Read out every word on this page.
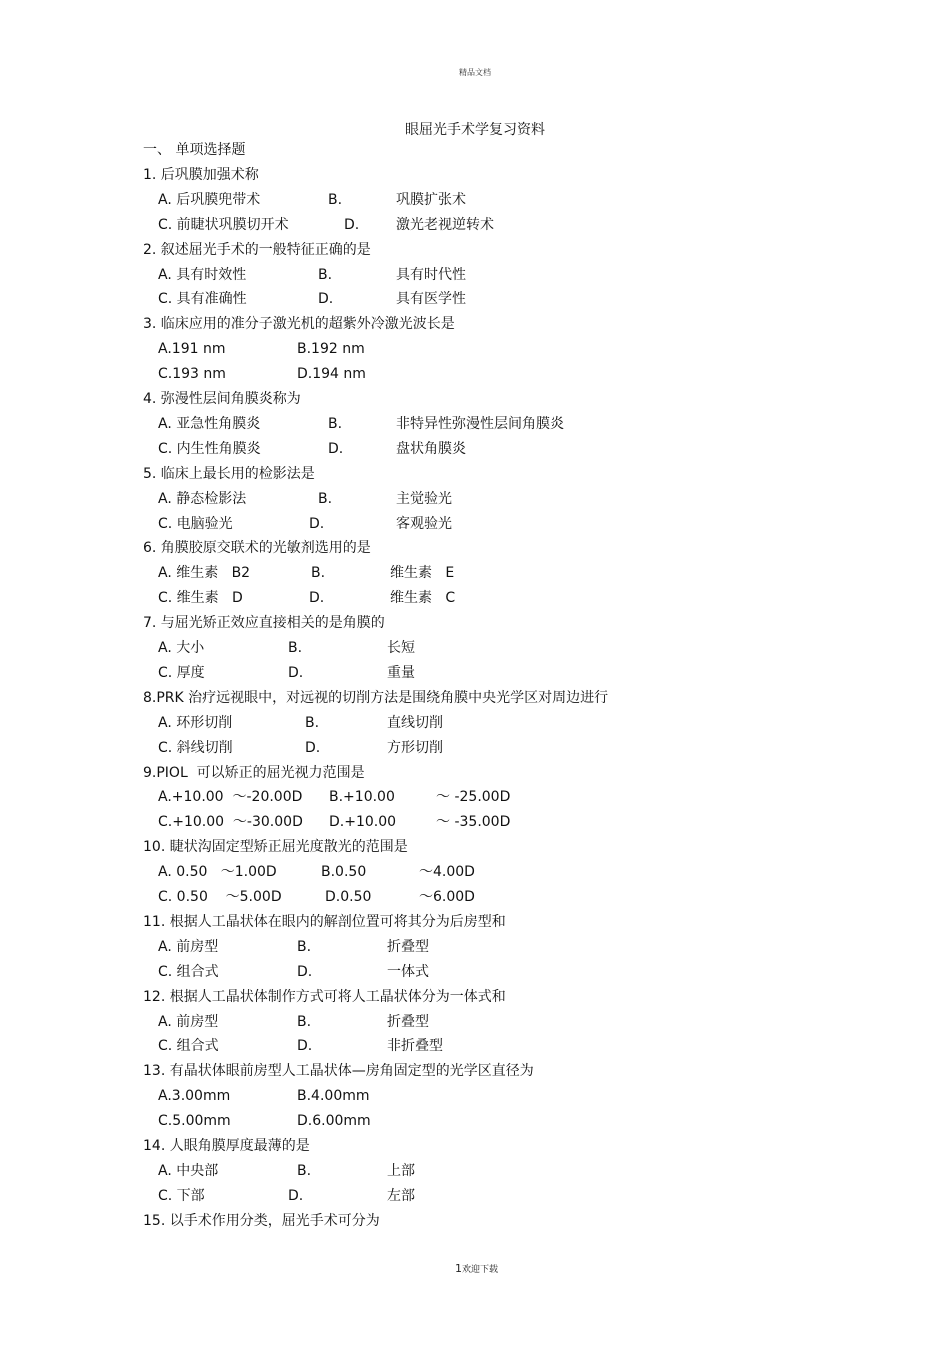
精品文档
眼屈光手术学复习资料
一、 单项选择题
1. 后巩膜加强术称
A. 后巩膜兜带术	B.	巩膜扩张术
C. 前睫状巩膜切开术	D.	激光老视逆转术
2. 叙述屈光手术的一般特征正确的是
A. 具有时效性	B.	具有时代性
C. 具有准确性	D.	具有医学性
3. 临床应用的准分子激光机的超紫外冷激光波长是
A.191 nm	B.192 nm
C.193 nm	D.194 nm
4. 弥漫性层间角膜炎称为
A. 亚急性角膜炎	B.	非特异性弥漫性层间角膜炎
C. 内生性角膜炎	D.	盘状角膜炎
5. 临床上最长用的检影法是
A. 静态检影法	B.	主觉验光
C. 电脑验光	D.	客观验光
6. 角膜胶原交联术的光敏剂选用的是
A. 维生素   B2	B.	维生素   E
C. 维生素   D	D.	维生素   C
7. 与屈光矫正效应直接相关的是角膜的
A. 大小	B.	长短
C. 厚度	D.	重量
8.PRK 治疗远视眼中，对远视的切削方法是围绕角膜中央光学区对周边进行
A. 环形切削	B.	直线切削
C. 斜线切削	D.	方形切削
9.PIOL  可以矫正的屈光视力范围是
A.+10.00  ～-20.00D B.+10.00	～ -25.00D
C.+10.00  ～-30.00D D.+10.00	～ -35.00D
10. 睫状沟固定型矫正屈光度散光的范围是
A. 0.50   ～1.00D	B.0.50	～4.00D
C. 0.50    ～5.00D	D.0.50	～6.00D
11. 根据人工晶状体在眼内的解剖位置可将其分为后房型和
A. 前房型	B.	折叠型
C. 组合式	D.	一体式
12. 根据人工晶状体制作方式可将人工晶状体分为一体式和
A. 前房型	B.	折叠型
C. 组合式	D.	非折叠型
13. 有晶状体眼前房型人工晶状体—房角固定型的光学区直径为
A.3.00mm	B.4.00mm
C.5.00mm	D.6.00mm
14. 人眼角膜厚度最薄的是
A. 中央部	B.	上部
C. 下部	D.	左部
15. 以手术作用分类，屈光手术可分为
1欢迎下载
